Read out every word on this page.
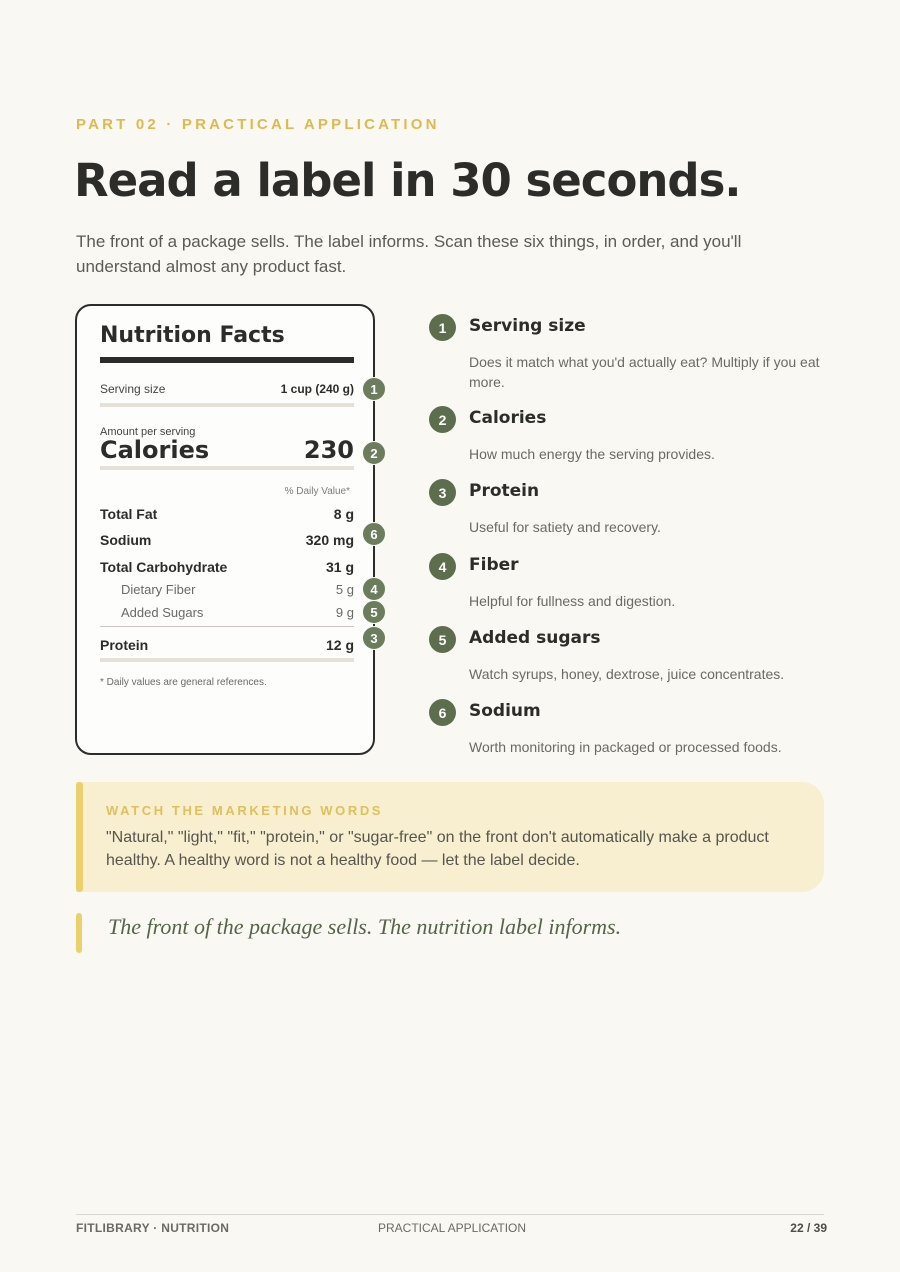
PART 02 · PRACTICAL APPLICATION
Read a label in 30 seconds.
The front of a package sells. The label informs. Scan these six things, in order, and you'll understand almost any product fast.
Nutrition Facts
Serving size	1 cup (240 g)
Amount per serving
Calories	230
% Daily Value*
Total Fat	8 g
Sodium	320 mg
Total Carbohydrate	31 g
Dietary Fiber	5 g
Added Sugars	9 g
Protein	12 g
* Daily values are general references.
1
2
6
4
5
3
1	Serving size
Does it match what you'd actually eat? Multiply if you eat more.
2	Calories
How much energy the serving provides.
3	Protein
Useful for satiety and recovery.
4	Fiber
Helpful for fullness and digestion.
5	Added sugars
Watch syrups, honey, dextrose, juice concentrates.
6	Sodium
Worth monitoring in packaged or processed foods.
WATCH THE MARKETING WORDS
"Natural," "light," "fit," "protein," or "sugar-free" on the front don't automatically make a product healthy. A healthy word is not a healthy food — let the label decide.
The front of the package sells. The nutrition label informs.
FITLIBRARY · NUTRITION	PRACTICAL APPLICATION	22 / 39
